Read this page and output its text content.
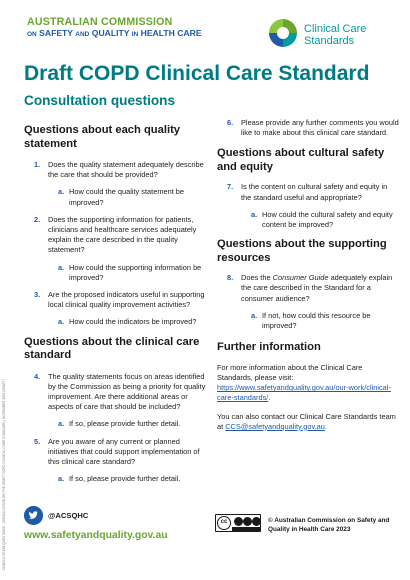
CONSULTATION QUESTIONS - CONSULTATION ON THE DRAFT COPD CLINICAL CARE STANDARD | NOVEMBER 2023 (DRAFT)
AUSTRALIAN COMMISSION
ON SAFETY AND QUALITY IN HEALTH CARE	Clinical Care
Standards
Draft COPD Clinical Care Standard
Consultation questions
Questions about each quality statement
1.	Does the quality statement adequately describe the care that should be provided?
a. How could the quality statement be improved?
2.	Does the supporting information for patients, clinicians and healthcare services adequately explain the care described in the quality statement?
a. How could the supporting information be improved?
3.	Are the proposed indicators useful in supporting local clinical quality improvement activities?
a. How could the indicators be improved?
Questions about the clinical care standard
4.	The quality statements focus on areas identified by the Commission as being a priority for quality improvement. Are there additional areas or aspects of care that should be included?
a. If so, please provide further detail.
5.	Are you aware of any current or planned initiatives that could support implementation of this clinical care standard?
a. If so, please provide further detail.
6.	Please provide any further comments you would like to make about this clinical care standard.
Questions about cultural safety and equity
7.	Is the content on cultural safety and equity in the standard useful and appropriate?
a. How could the cultural safety and equity content be improved?
Questions about the supporting resources
8.	Does the Consumer Guide adequately explain the care described in the Standard for a consumer audience?
a. If not, how could this resource be improved?
Further information

For more information about the Clinical Care Standards, please visit: https://www.safetyandquality.gov.au/our-work/clinical-care-standards/.

You can also contact our Clinical Care Standards team at CCS@safetyandquality.gov.au.

@ACSQHC
www.safetyandquality.gov.au
cc	© Australian Commission on Safety and Quality in Health Care 2023
